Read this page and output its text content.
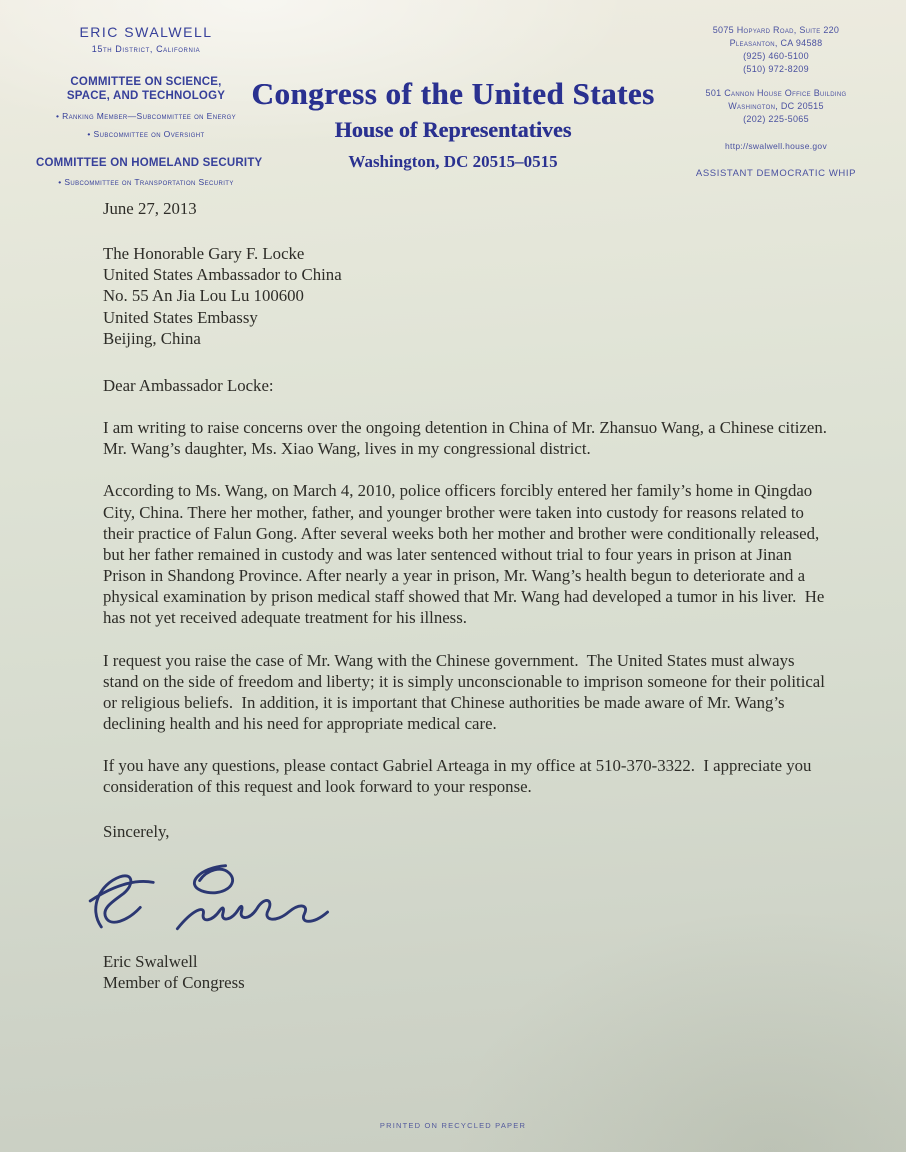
ERIC SWALWELL
15th District, California
COMMITTEE ON SCIENCE,
SPACE, AND TECHNOLOGY
• Ranking Member—Subcommittee on Energy
• Subcommittee on Oversight
COMMITTEE ON HOMELAND SECURITY
• Subcommittee on Transportation Security
Congress of the United States
House of Representatives
Washington, DC 20515–0515
5075 Hopyard Road, Suite 220
Pleasanton, CA 94588
(925) 460-5100
(510) 972-8209
501 Cannon House Office Building
Washington, DC 20515
(202) 225-5065
http://swalwell.house.gov
ASSISTANT DEMOCRATIC WHIP

June 27, 2013

The Honorable Gary F. Locke

United States Ambassador to China

No. 55 An Jia Lou Lu 100600

United States Embassy

Beijing, China

Dear Ambassador Locke:

I am writing to raise concerns over the ongoing detention in China of Mr. Zhansuo Wang, a Chinese citizen.  Mr. Wang’s daughter, Ms. Xiao Wang, lives in my congressional district.

According to Ms. Wang, on March 4, 2010, police officers forcibly entered her family’s home in Qingdao City, China. There her mother, father, and younger brother were taken into custody for reasons related to their practice of Falun Gong. After several weeks both her mother and brother were conditionally released, but her father remained in custody and was later sentenced without trial to four years in prison at Jinan Prison in Shandong Province. After nearly a year in prison, Mr. Wang’s health begun to deteriorate and a physical examination by prison medical staff showed that Mr. Wang had developed a tumor in his liver.  He has not yet received adequate treatment for his illness.

I request you raise the case of Mr. Wang with the Chinese government.  The United States must always stand on the side of freedom and liberty; it is simply unconscionable to imprison someone for their political or religious beliefs.  In addition, it is important that Chinese authorities be made aware of Mr. Wang’s declining health and his need for appropriate medical care.

If you have any questions, please contact Gabriel Arteaga in my office at 510-370-3322.  I appreciate you consideration of this request and look forward to your response.

Sincerely,

Eric Swalwell

Member of Congress

PRINTED ON RECYCLED PAPER
